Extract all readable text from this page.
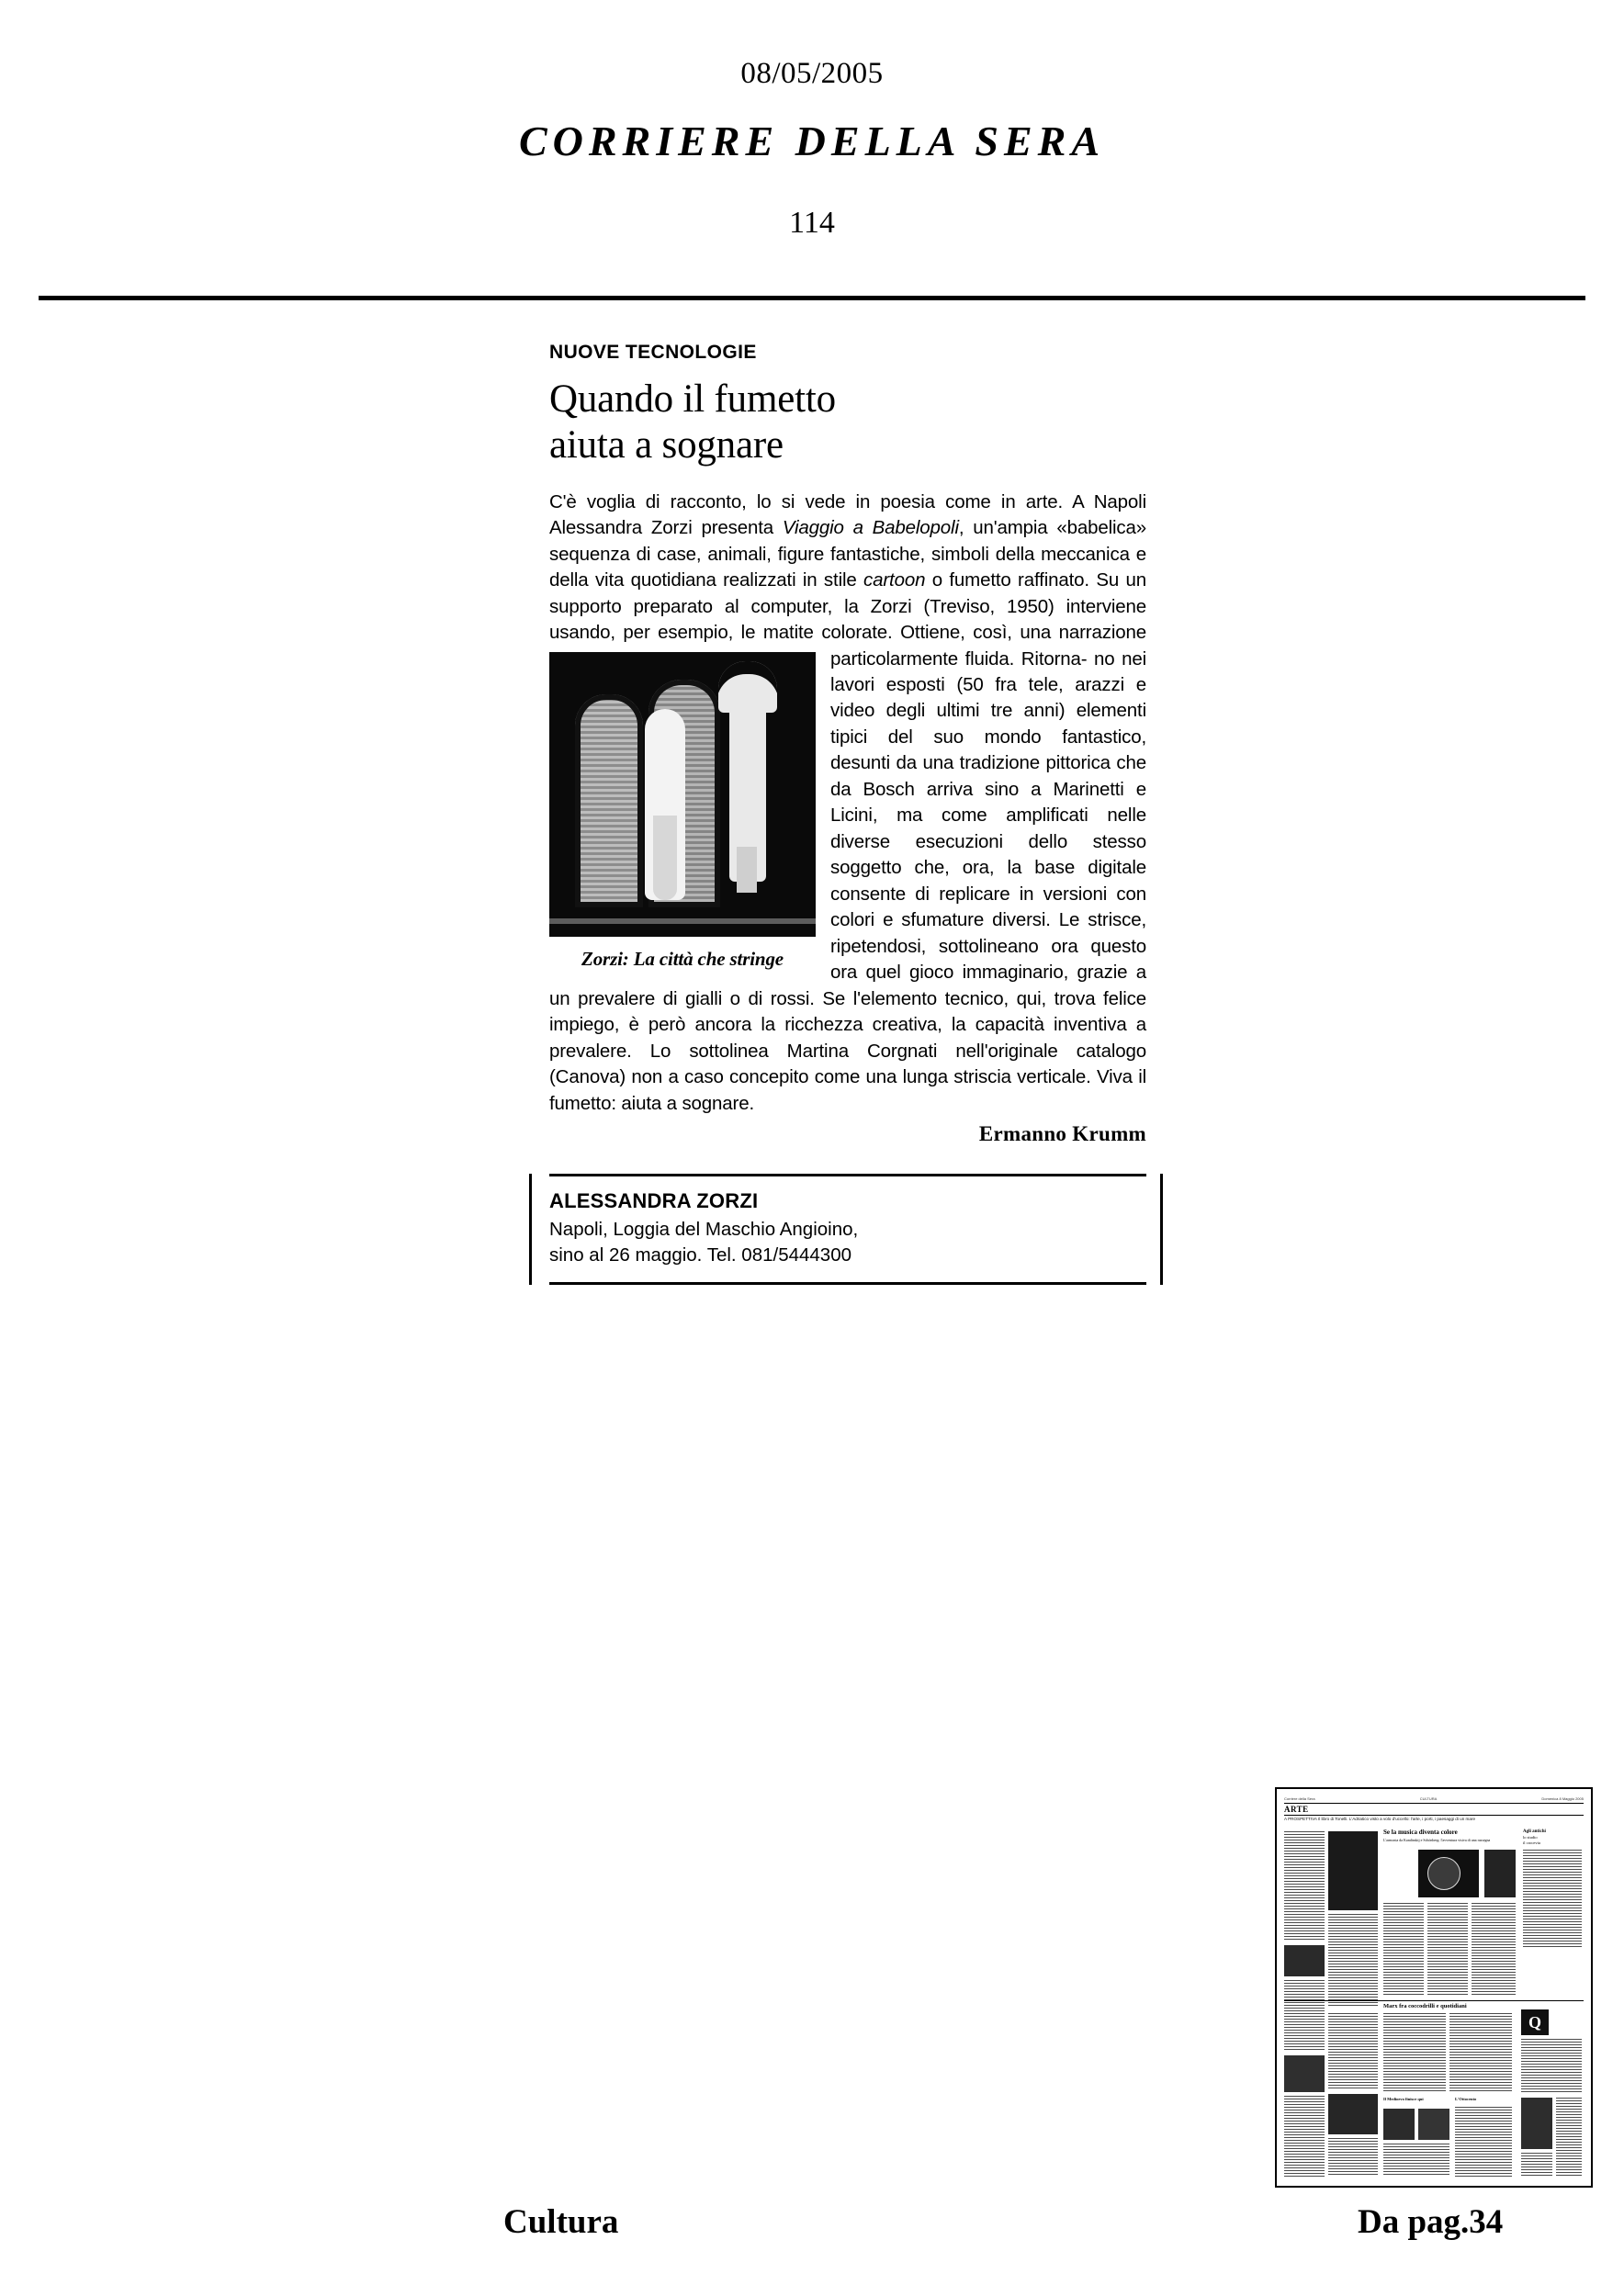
08/05/2005
CORRIERE DELLA SERA
114
NUOVE TECNOLOGIE
Quando il fumetto
aiuta a sognare
C'è voglia di racconto, lo si vede in poesia come in arte. A Napoli Alessandra Zorzi presenta Viaggio a Babelopoli, un'ampia «babelica» sequenza di case, animali, figure fantastiche, simboli della meccanica e della vita quotidiana realizzati in stile cartoon o fumetto raffinato. Su un supporto preparato al computer, la Zorzi (Treviso, 1950) interviene usando, per esempio, le matite colorate. Ottiene, così, una narrazione particolarmente fluida. Ritorna-
Zorzi: La città che stringe
no nei lavori esposti (50 fra tele, arazzi e video degli ultimi tre anni) elementi tipici del suo mondo fantastico, desunti da una tradizione pittorica che da Bosch arriva sino a Marinetti e Licini, ma come amplificati nelle diverse esecuzioni dello stesso soggetto che, ora, la base digitale consente di replicare in versioni con colori e sfumature diversi. Le strisce, ripetendosi, sottolineano ora questo ora quel gioco immaginario, grazie a un prevalere di gialli o di rossi. Se l'elemento tecnico, qui, trova felice impiego, è però ancora la ricchezza creativa, la capacità inventiva a prevalere. Lo sottolinea Martina Corgnati nell'originale catalogo (Canova) non a caso concepito come una lunga striscia verticale. Viva il fumetto: aiuta a sognare.
Ermanno Krumm
ALESSANDRA ZORZI
Napoli, Loggia del Maschio Angioino,
sino al 26 maggio. Tel. 081/5444300
Corriere della Sera	CULTURA	Domenica 8 Maggio 2005
ARTE
A PROSPETTIVA Il libro di Tonelli. L'Adriatico visto a volo d'uccello: l'arte, i porti, i paesaggi di un mare
Se la musica diventa colore
L'armonia da Kandinskij e Schönberg: l'avventura visiva di una rassegna
Agli antichi
lo studio
il crocevia
Marx fra coccodrilli e quotidiani
Q
Il Medioevo finisce qui	L'Ottocento
Cultura	Da pag.34
